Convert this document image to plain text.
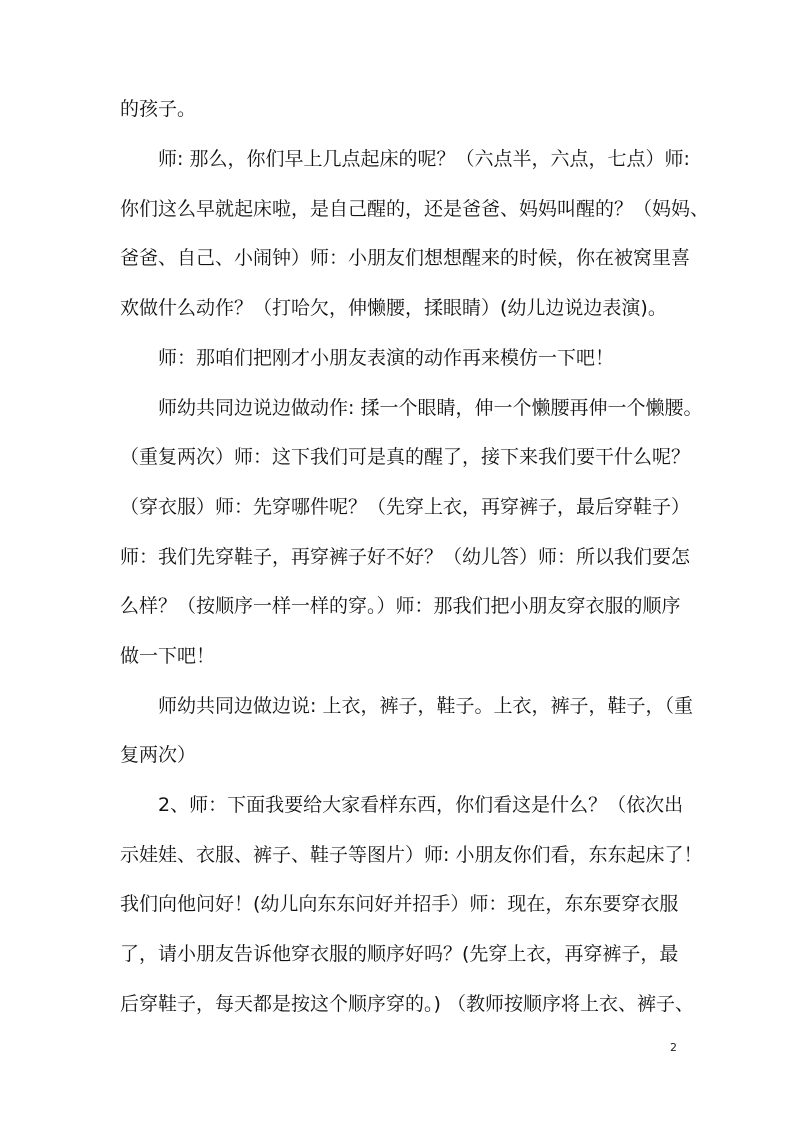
的孩子。
师: 那么，你们早上几点起床的呢？（六点半，六点，七点）师:
你们这么早就起床啦，是自己醒的，还是爸爸、妈妈叫醒的？（妈妈、
爸爸、自己、小闹钟）师：小朋友们想想醒来的时候，你在被窝里喜
欢做什么动作？（打哈欠，伸懒腰，揉眼睛）(幼儿边说边表演)。
师：那咱们把刚才小朋友表演的动作再来模仿一下吧！
师幼共同边说边做动作: 揉一个眼睛，伸一个懒腰再伸一个懒腰。
（重复两次）师：这下我们可是真的醒了，接下来我们要干什么呢？
（穿衣服）师：先穿哪件呢？（先穿上衣，再穿裤子，最后穿鞋子）
师：我们先穿鞋子，再穿裤子好不好？（幼儿答）师：所以我们要怎
么样？（按顺序一样一样的穿。）师：那我们把小朋友穿衣服的顺序
做一下吧！
师幼共同边做边说: 上衣，裤子，鞋子。上衣，裤子，鞋子，（重
复两次）
2、师：下面我要给大家看样东西，你们看这是什么？（依次出
示娃娃、衣服、裤子、鞋子等图片）师: 小朋友你们看，东东起床了！
我们向他问好！(幼儿向东东问好并招手）师：现在，东东要穿衣服
了，请小朋友告诉他穿衣服的顺序好吗？(先穿上衣，再穿裤子，最
后穿鞋子，每天都是按这个顺序穿的。) （教师按顺序将上衣、裤子、
2
